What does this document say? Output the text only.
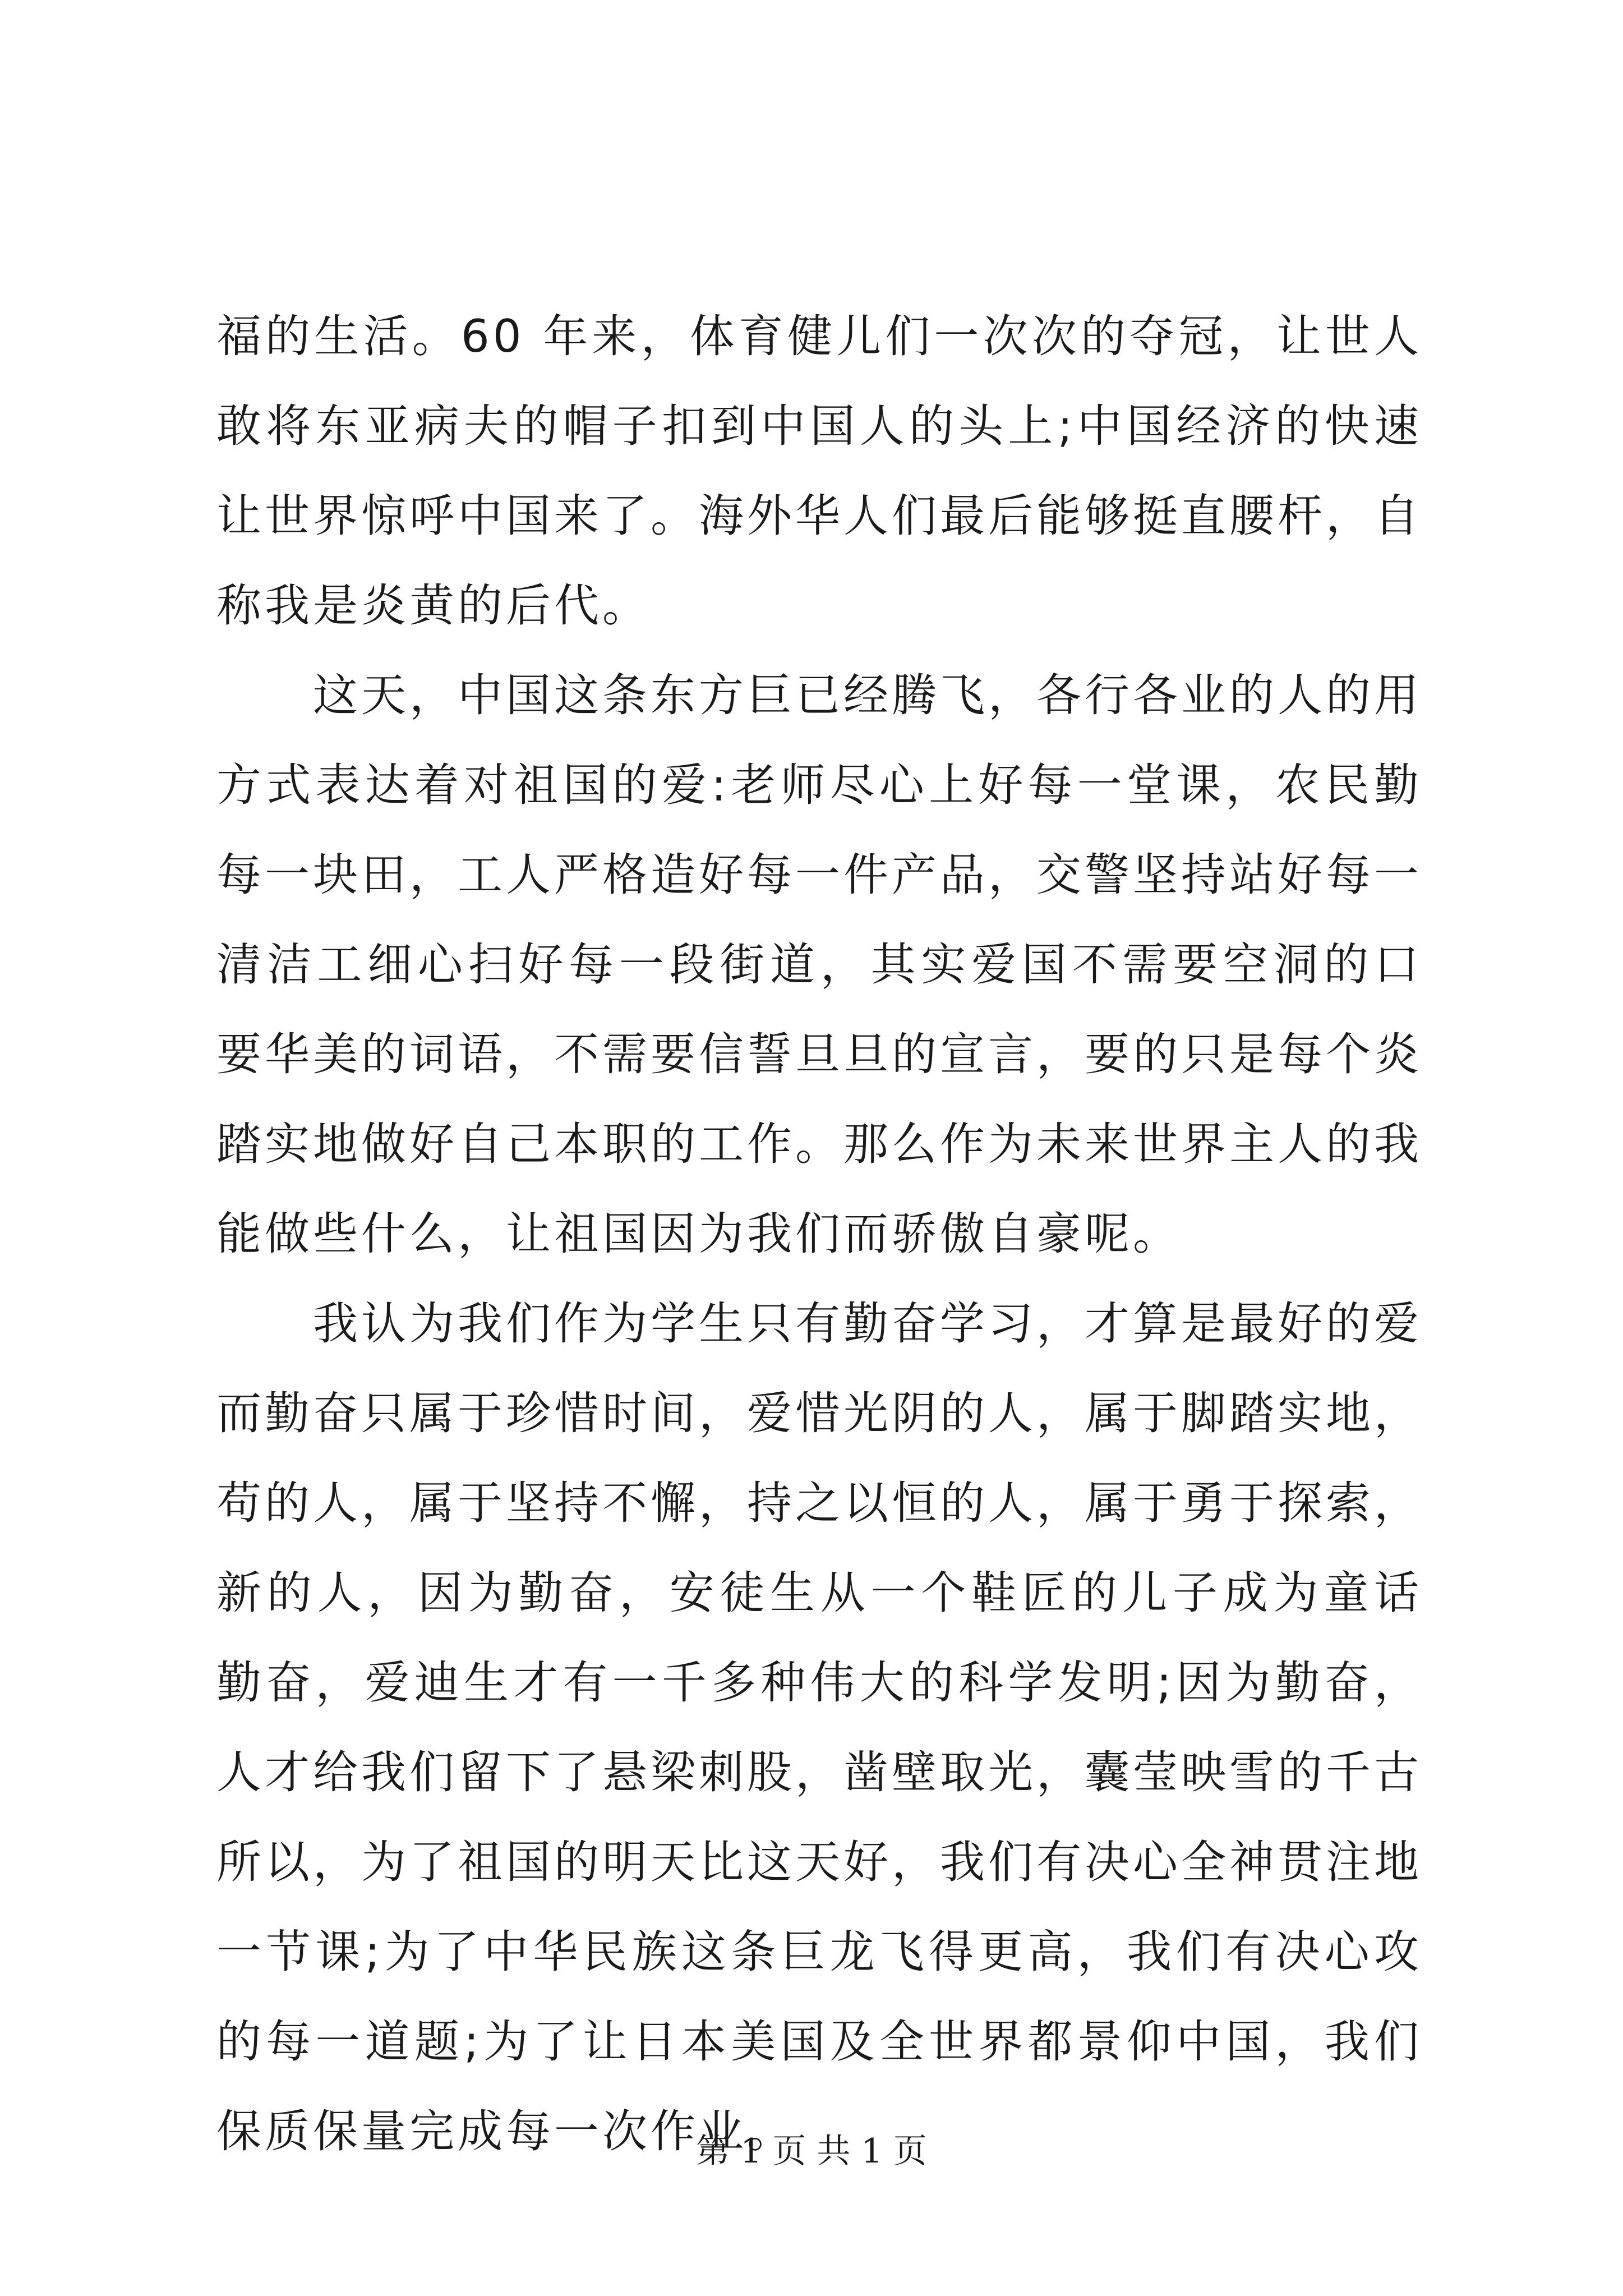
福的生活。60 年来，体育健儿们一次次的夺冠，让世人
敢将东亚病夫的帽子扣到中国人的头上;中国经济的快速
让世界惊呼中国来了。海外华人们最后能够挺直腰杆，自
称我是炎黄的后代。
这天，中国这条东方巨已经腾飞，各行各业的人的用
方式表达着对祖国的爱:老师尽心上好每一堂课，农民勤
每一块田，工人严格造好每一件产品，交警坚持站好每一
清洁工细心扫好每一段街道，其实爱国不需要空洞的口
要华美的词语，不需要信誓旦旦的宣言，要的只是每个炎
踏实地做好自己本职的工作。那么作为未来世界主人的我
能做些什么，让祖国因为我们而骄傲自豪呢。
我认为我们作为学生只有勤奋学习，才算是最好的爱
而勤奋只属于珍惜时间，爱惜光阴的人，属于脚踏实地，
苟的人，属于坚持不懈，持之以恒的人，属于勇于探索，
新的人，因为勤奋，安徒生从一个鞋匠的儿子成为童话
勤奋，爱迪生才有一千多种伟大的科学发明;因为勤奋，
人才给我们留下了悬梁刺股，凿壁取光，囊莹映雪的千古
所以，为了祖国的明天比这天好，我们有决心全神贯注地
一节课;为了中华民族这条巨龙飞得更高，我们有决心攻
的每一道题;为了让日本美国及全世界都景仰中国，我们
保质保量完成每一次作业。
第 1 页 共 1 页
